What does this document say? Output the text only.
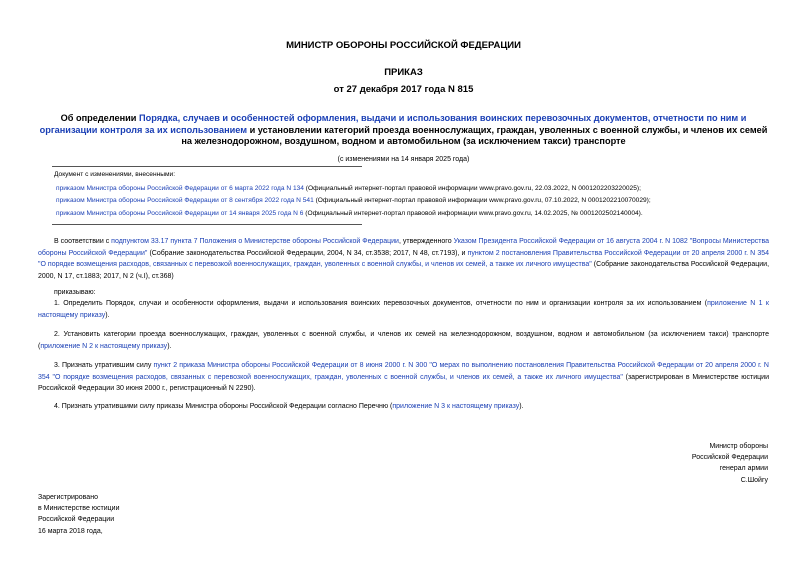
МИНИСТР ОБОРОНЫ РОССИЙСКОЙ ФЕДЕРАЦИИ
ПРИКАЗ
от 27 декабря 2017 года N 815
Об определении Порядка, случаев и особенностей оформления, выдачи и использования воинских перевозочных документов, отчетности по ним и организации контроля за их использованием и установлении категорий проезда военнослужащих, граждан, уволенных с военной службы, и членов их семей на железнодорожном, воздушном, водном и автомобильном (за исключением такси) транспорте
(с изменениями на 14 января 2025 года)
Документ с изменениями, внесенными:
приказом Министра обороны Российской Федерации от 6 марта 2022 года N 134 (Официальный интернет-портал правовой информации www.pravo.gov.ru, 22.03.2022, N 0001202203220025);
приказом Министра обороны Российской Федерации от 8 сентября 2022 года N 541 (Официальный интернет-портал правовой информации www.pravo.gov.ru, 07.10.2022, N 0001202210070029);
приказом Министра обороны Российской Федерации от 14 января 2025 года N 6 (Официальный интернет-портал правовой информации www.pravo.gov.ru, 14.02.2025, № 0001202502140004).
В соответствии с подпунктом 33.17 пункта 7 Положения о Министерстве обороны Российской Федерации, утвержденного Указом Президента Российской Федерации от 16 августа 2004 г. N 1082 "Вопросы Министерства обороны Российской Федерации" (Собрание законодательства Российской Федерации, 2004, N 34, ст.3538; 2017, N 48, ст.7193), и пунктом 2 постановления Правительства Российской Федерации от 20 апреля 2000 г. N 354 "О порядке возмещения расходов, связанных с перевозкой военнослужащих, граждан, уволенных с военной службы, и членов их семей, а также их личного имущества" (Собрание законодательства Российской Федерации, 2000, N 17, ст.1883; 2017, N 2 (ч.I), ст.368)
приказываю:
1. Определить Порядок, случаи и особенности оформления, выдачи и использования воинских перевозочных документов, отчетности по ним и организации контроля за их использованием (приложение N 1 к настоящему приказу).
2. Установить категории проезда военнослужащих, граждан, уволенных с военной службы, и членов их семей на железнодорожном, воздушном, водном и автомобильном (за исключением такси) транспорте (приложение N 2 к настоящему приказу).
3. Признать утратившим силу пункт 2 приказа Министра обороны Российской Федерации от 8 июня 2000 г. N 300 "О мерах по выполнению постановления Правительства Российской Федерации от 20 апреля 2000 г. N 354 "О порядке возмещения расходов, связанных с перевозкой военнослужащих, граждан, уволенных с военной службы, и членов их семей, а также их личного имущества" (зарегистрирован в Министерстве юстиции Российской Федерации 30 июня 2000 г., регистрационный N 2290).
4. Признать утратившими силу приказы Министра обороны Российской Федерации согласно Перечню (приложение N 3 к настоящему приказу).
Министр обороны
Российской Федерации
генерал армии
С.Шойгу
Зарегистрировано
в Министерстве юстиции
Российской Федерации
16 марта 2018 года,
